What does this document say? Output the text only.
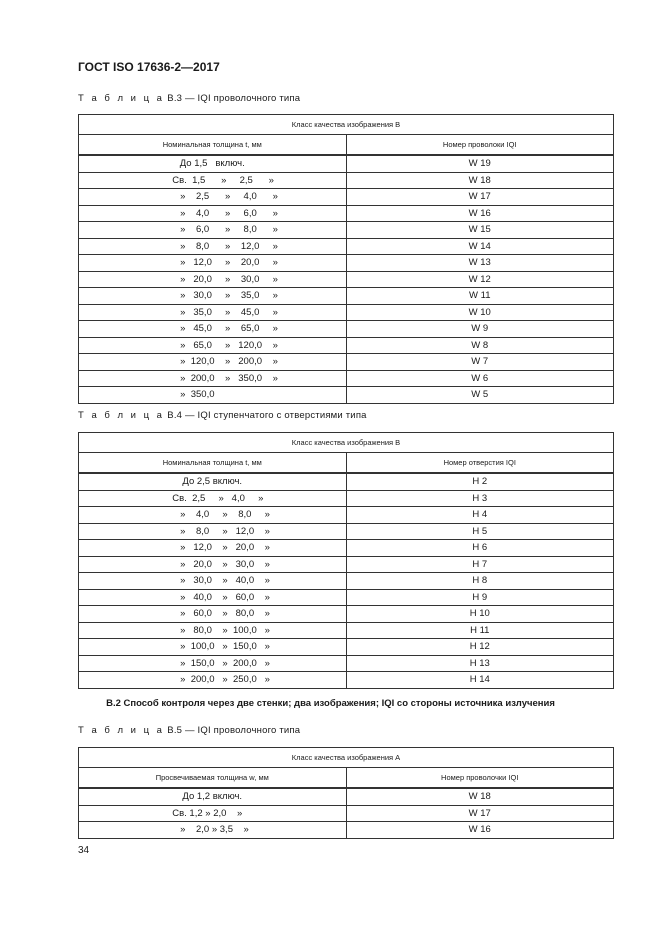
ГОСТ ISO 17636-2—2017
Т а б л и ц а В.3 — IQI проволочного типа
Класс качества изображения B	
Номинальная толщина t, мм	Номер проволоки IQI
До 1,5   включ.	W 19
Св.  1,5      »     2,5      »	W 18
»    2,5      »     4,0      »	W 17
»    4,0      »     6,0      »	W 16
»    6,0      »     8,0      »	W 15
»    8,0      »    12,0     »	W 14
»   12,0     »    20,0     »	W 13
»   20,0     »    30,0     »	W 12
»   30,0     »    35,0     »	W 11
»   35,0     »    45,0     »	W 10
»   45,0     »    65,0     »	W 9
»   65,0     »   120,0    »	W 8
»  120,0    »   200,0    »	W 7
»  200,0    »   350,0    »	W 6
»  350,0	W 5
Т а б л и ц а В.4 — IQI ступенчатого с отверстиями типа
Класс качества изображения B	
Номинальная толщина t, мм	Номер отверстия IQI
До 2,5 включ.	H 2
Св.  2,5     »   4,0     »	H 3
»    4,0     »    8,0     »	H 4
»    8,0     »   12,0    »	H 5
»   12,0    »   20,0    »	H 6
»   20,0    »   30,0    »	H 7
»   30,0    »   40,0    »	H 8
»   40,0    »   60,0    »	H 9
»   60,0    »   80,0    »	H 10
»   80,0    »  100,0   »	H 11
»  100,0   »  150,0   »	H 12
»  150,0   »  200,0   »	H 13
»  200,0   »  250,0   »	H 14
В.2 Способ контроля через две стенки; два изображения; IQI со стороны источника излучения
Т а б л и ц а В.5 — IQI проволочного типа
Класс качества изображения А	
Просвечиваемая толщина w, мм	Номер проволочки IQI
До 1,2 включ.	W 18
Св. 1,2 » 2,0    »	W 17
»    2,0 » 3,5    »	W 16
34
